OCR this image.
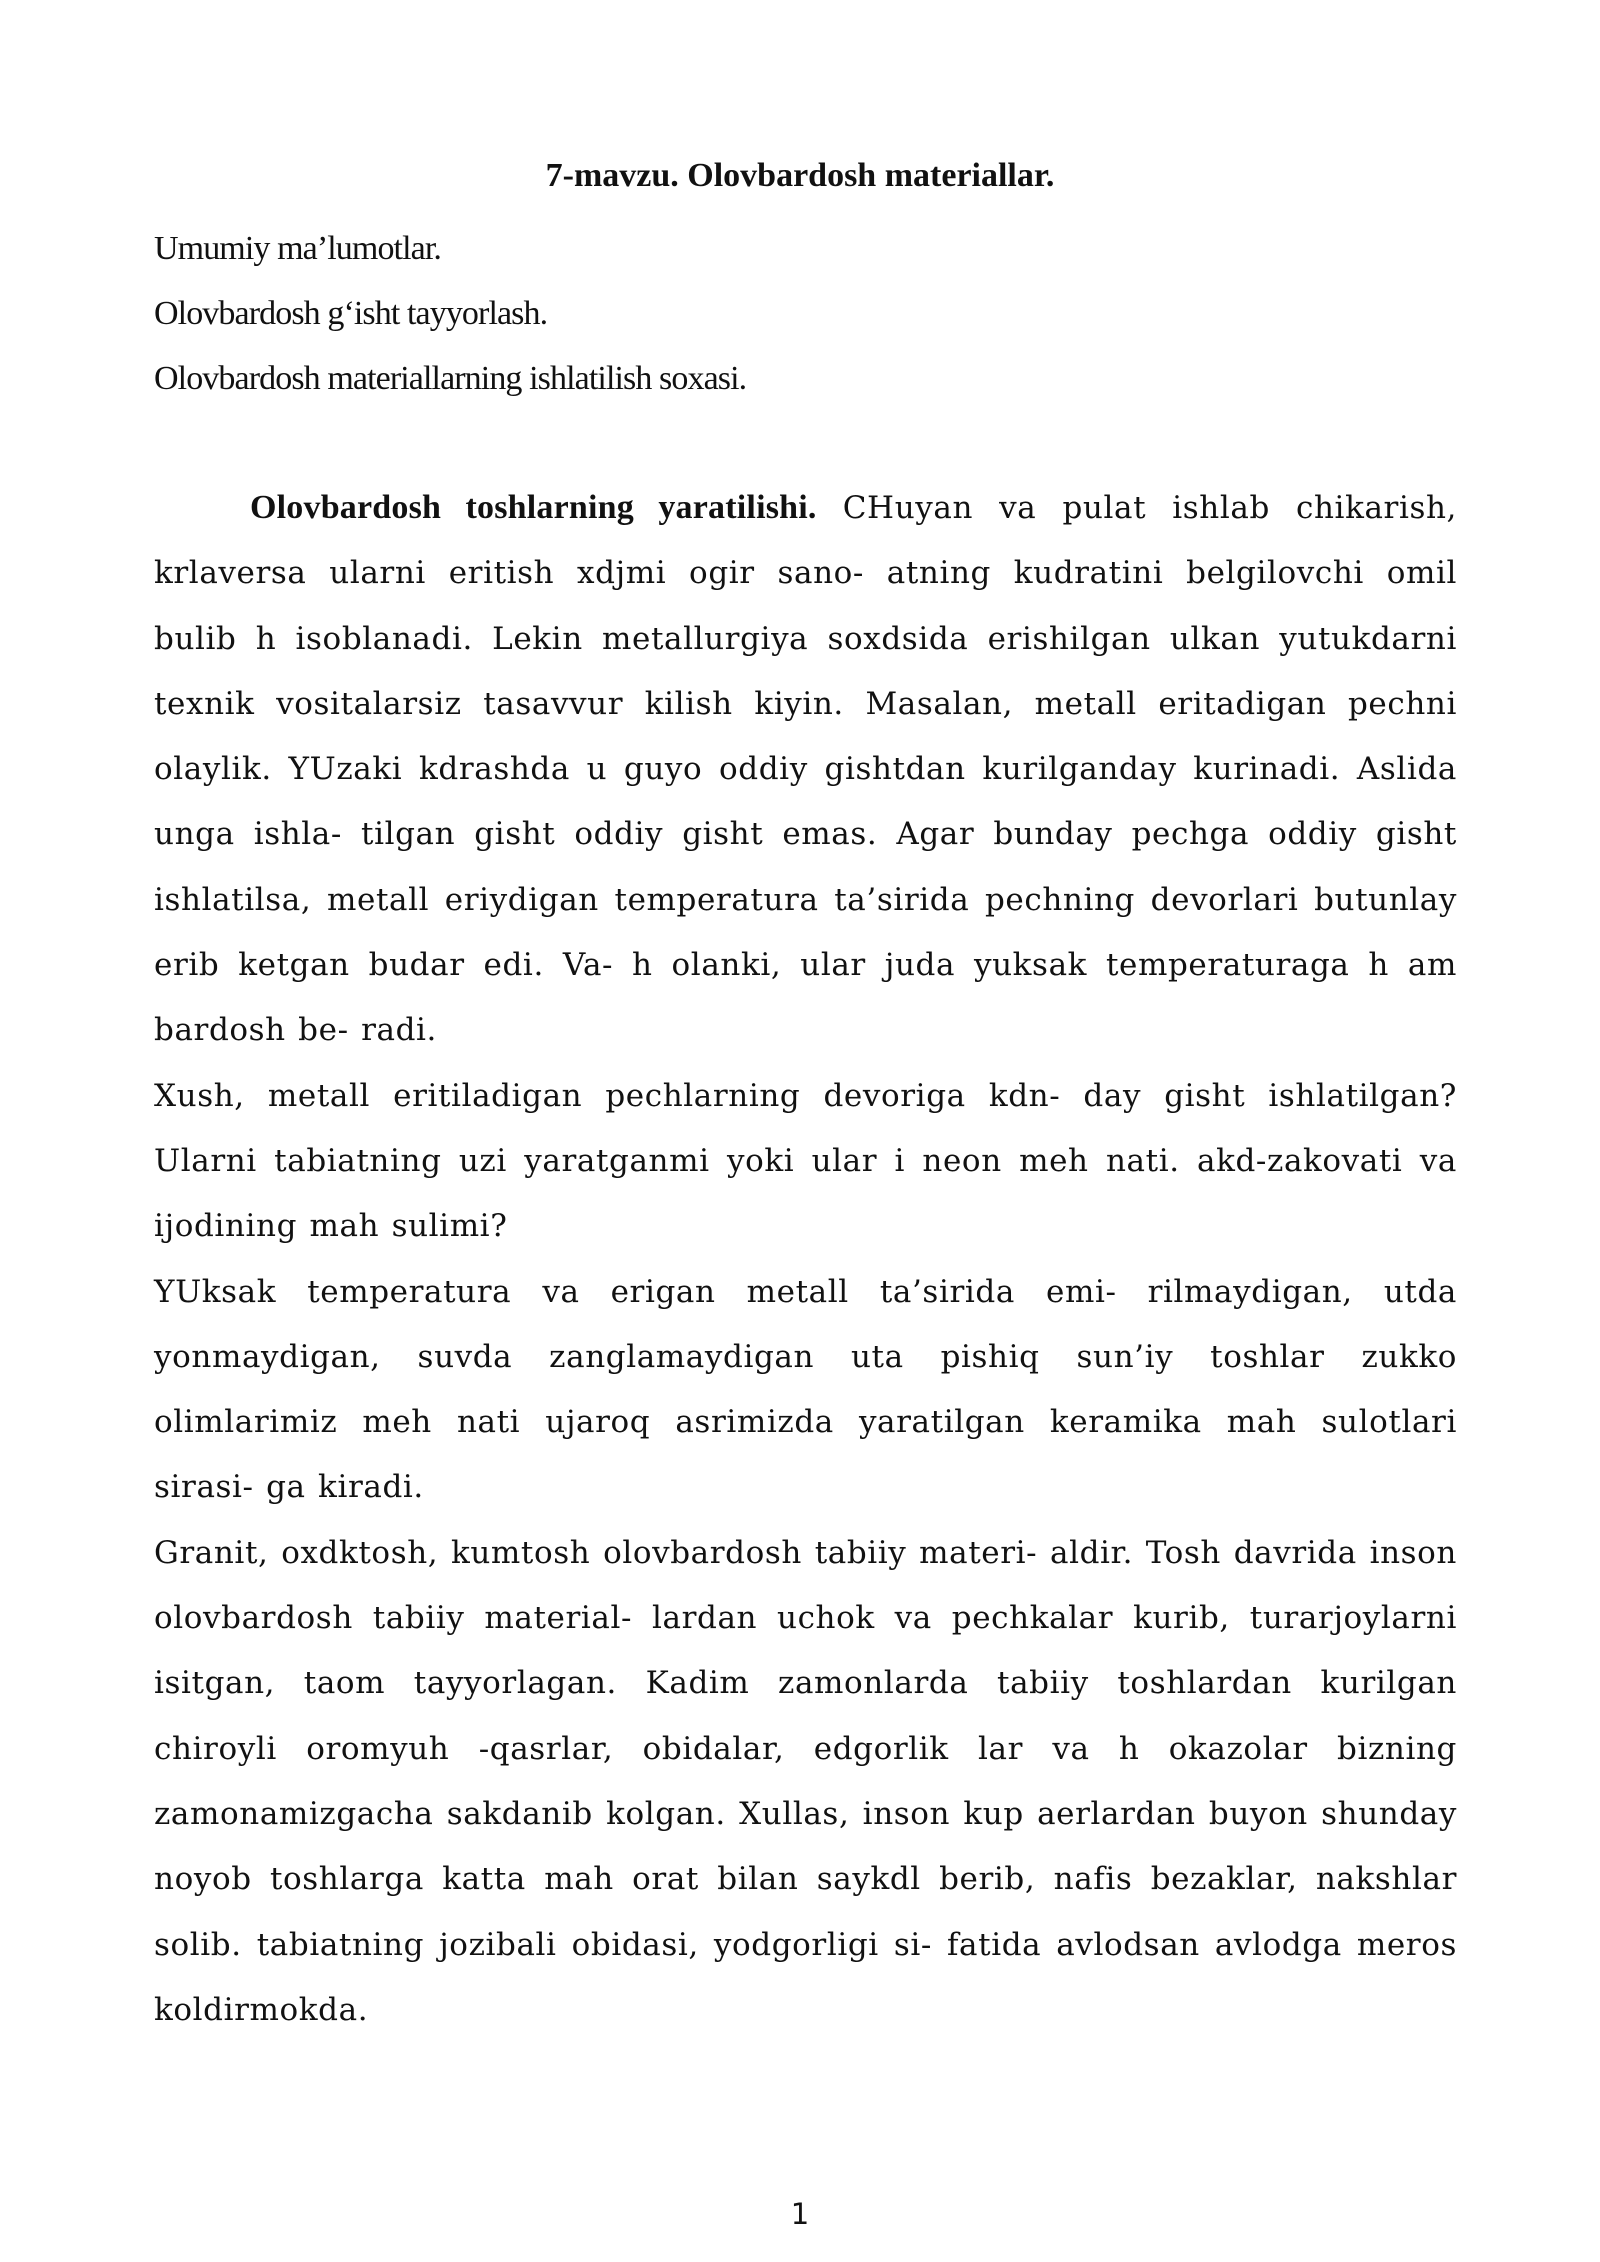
7-mavzu. Olovbardosh materiallar.
Umumiy ma’lumotlar.
Olovbardosh g‘isht tayyorlash.
Olovbardosh materiallarning ishlatilish soxasi.

Olovbardosh toshlarning yaratilishi. CHuyan va pulat ishlab chikarish, krlaversa ularni eritish xdjmi ogir sano- atning kudratini belgilovchi omil bulib h isoblanadi. Lekin metallurgiya soxdsida erishilgan ulkan yutukdarni texnik vositalarsiz tasavvur kilish kiyin. Masalan, metall eritadigan pechni olaylik. YUzaki kdrashda u guyo oddiy gishtdan kurilganday kurinadi. Aslida unga ishla- tilgan gisht oddiy gisht emas. Agar bunday pechga oddiy gisht ishlatilsa, metall eriydigan temperatura ta’sirida pechning devorlari butunlay erib ketgan budar edi. Va- h olanki, ular juda yuksak temperaturaga h am bardosh be- radi.

Xush, metall eritiladigan pechlarning devoriga kdn- day gisht ishlatilgan? Ularni tabiatning uzi yaratganmi yoki ular i neon meh nati. akd-zakovati va ijodining mah sulimi?

YUksak temperatura va erigan metall ta’sirida emi- rilmaydigan, utda yonmaydigan, suvda zanglamaydigan uta pishiq sun’iy toshlar zukko olimlarimiz meh nati ujaroq asrimizda yaratilgan keramika mah sulotlari sirasi- ga kiradi.

Granit, oxdktosh, kumtosh olovbardosh tabiiy materi- aldir. Tosh davrida inson olovbardosh tabiiy material- lardan uchok va pechkalar kurib, turarjoylarni isitgan, taom tayyorlagan. Kadim zamonlarda tabiiy toshlardan kurilgan chiroyli oromyuh -qasrlar, obidalar, edgorlik lar va h okazolar bizning zamonamizgacha sakdanib kolgan. Xullas, inson kup aerlardan buyon shunday noyob toshlarga katta mah orat bilan saykdl berib, nafis bezaklar, nakshlar solib. tabiatning jozibali obidasi, yodgorligi si- fatida avlodsan avlodga meros koldirmokda.

1
